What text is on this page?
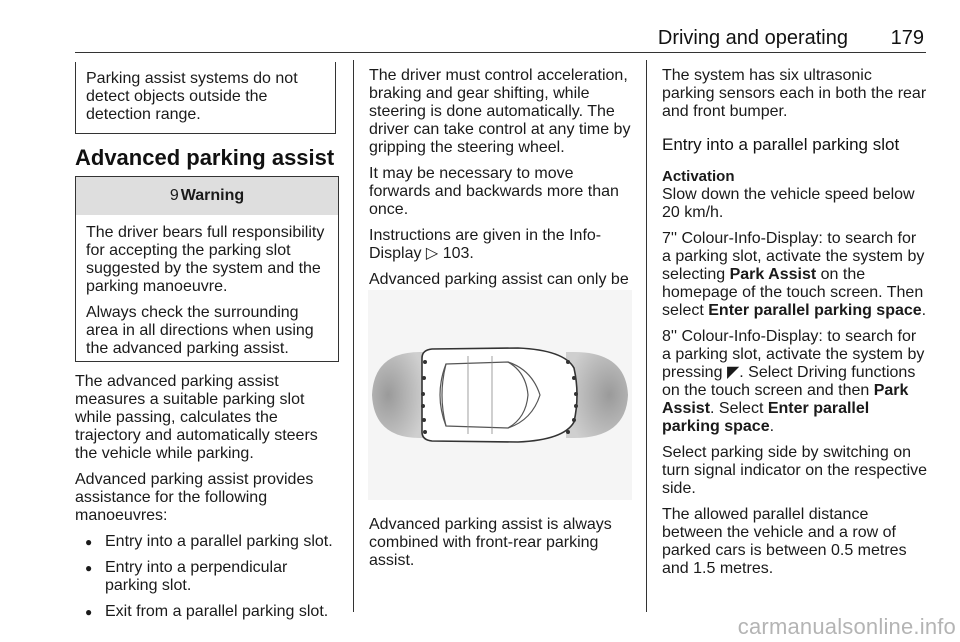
Driving and operating 179
Parking assist systems do not
detect objects outside the
detection range.
Advanced parking assist
9 Warning

The driver bears full responsibility for accepting the parking slot suggested by the system and the parking manoeuvre.

Always check the surrounding area in all directions when using the advanced parking assist.

The advanced parking assist measures a suitable parking slot while passing, calculates the trajectory and automatically steers the vehicle while parking.

Advanced parking assist provides assistance for the following manoeuvres:

● Entry into a parallel parking slot.
● Entry into a perpendicular parking slot.
● Exit from a parallel parking slot.

The driver must control acceleration, braking and gear shifting, while steering is done automatically. The driver can take control at any time by gripping the steering wheel.

It may be necessary to move forwards and backwards more than once.

Instructions are given in the Info-Display ▷ 103.

Advanced parking assist can only be

Advanced parking assist is always combined with front-rear parking assist.

The system has six ultrasonic parking sensors each in both the rear and front bumper.

Entry into a parallel parking slot
Activation

Slow down the vehicle speed below 20 km/h.

7'' Colour-Info-Display: to search for a parking slot, activate the system by selecting Park Assist on the homepage of the touch screen. Then select Enter parallel parking space.

8'' Colour-Info-Display: to search for a parking slot, activate the system by pressing ◤. Select Driving functions on the touch screen and then Park Assist. Select Enter parallel parking space.

Select parking side by switching on turn signal indicator on the respective side.

The allowed parallel distance between the vehicle and a row of parked cars is between 0.5 metres and 1.5 metres.

carmanualsonline.info
